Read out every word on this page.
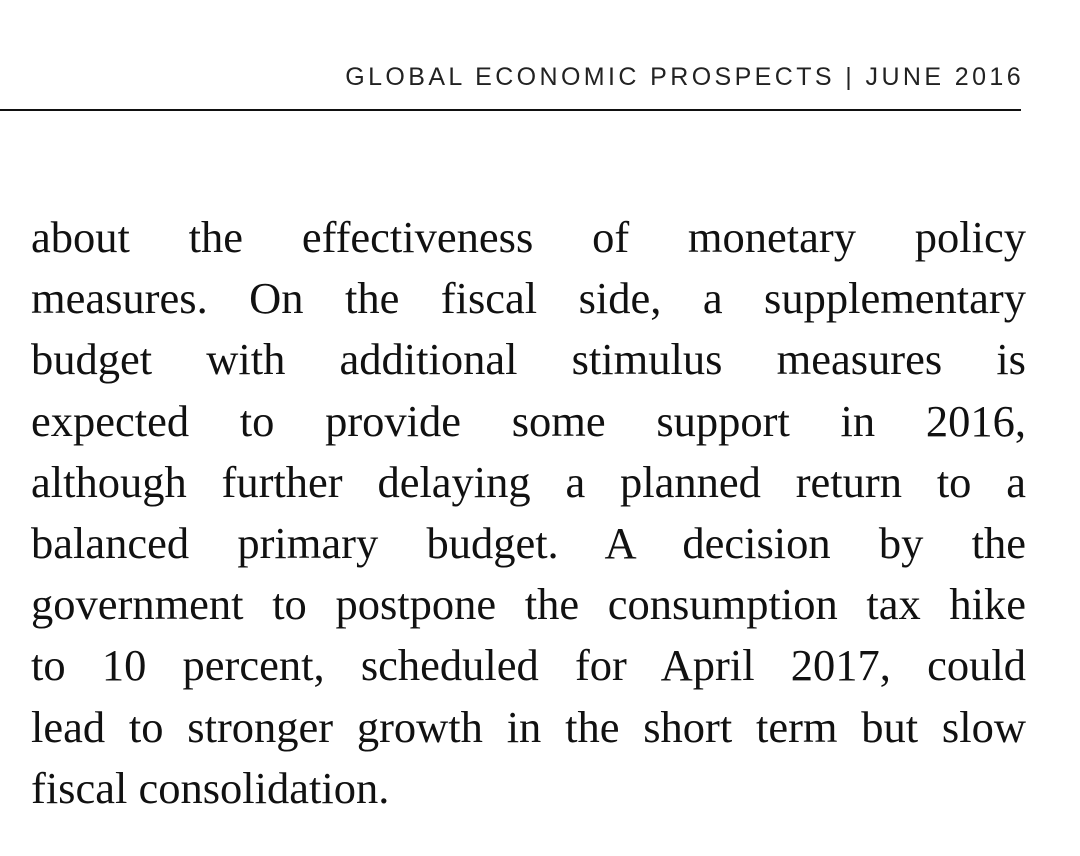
GLOBAL ECONOMIC PROSPECTS | JUNE 2016
about the effectiveness of monetary policy
measures. On the fiscal side, a supplementary
budget with additional stimulus measures is
expected to provide some support in 2016,
although further delaying a planned return to a
balanced primary budget. A decision by the
government to postpone the consumption tax hike
to 10 percent, scheduled for April 2017, could
lead to stronger growth in the short term but slow
fiscal consolidation.
